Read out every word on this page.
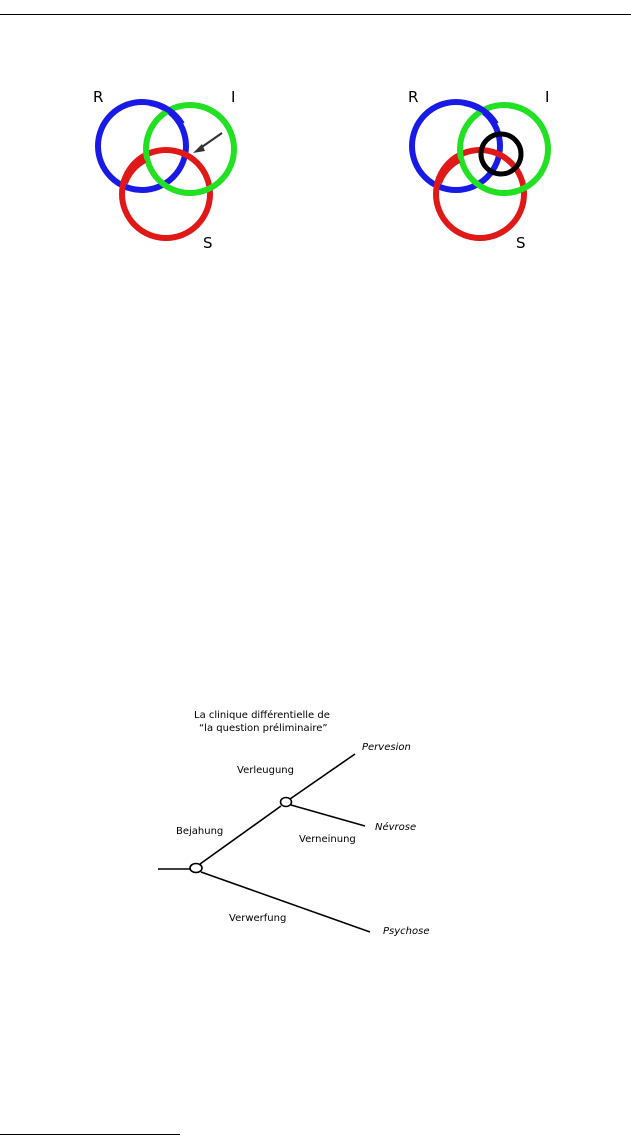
R	I
S
R	I
S
La clinique différentielle de
“la question préliminaire”
Verleugung
Bejahung
Verneinung
Verwerfung
Pervesion
Névrose
Psychose
